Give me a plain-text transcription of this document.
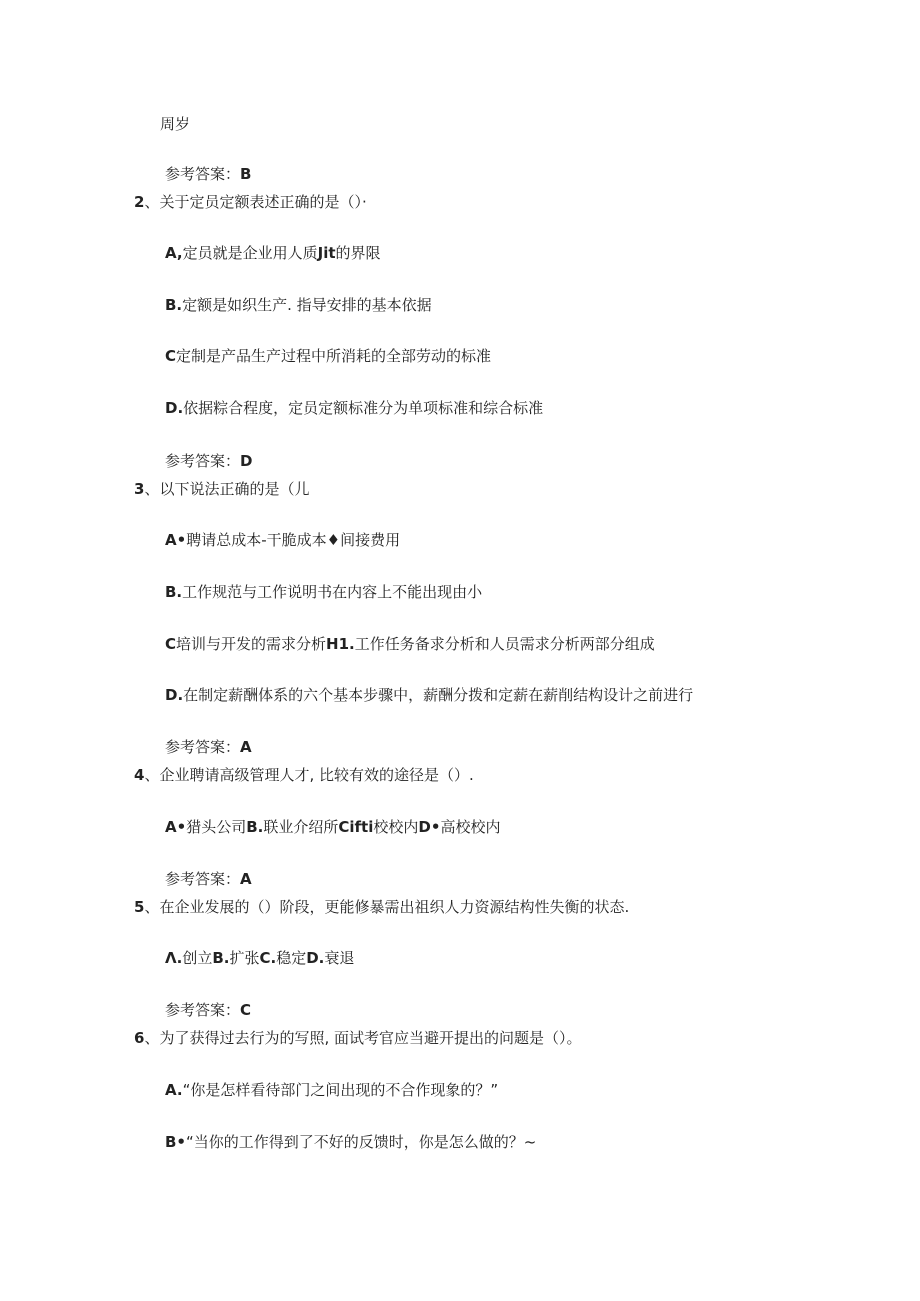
周岁
参考答案：B
2、关于定员定额表述正确的是（）·
A,定员就是企业用人质Jit的界限
B.定额是如织生产. 指导安排的基本依据
C定制是产品生产过程中所消耗的全部劳动的标准
D.依据粽合程度，定员定额标准分为单项标准和综合标准
参考答案：D
3、以下说法正确的是（儿
A•聘请总成本-干脆成本♦间接费用
B.工作规范与工作说明书在内容上不能出现由小
C培训与开发的需求分析H1.工作任务备求分析和人员需求分析两部分组成
D.在制定薪酬体系的六个基本步骤中，薪酬分拨和定薪在薪削结构设计之前进行
参考答案：A
4、企业聘请高级管理人才, 比较有效的途径是（）.
A•猎头公司B.联业介绍所Cifti校校内D•高校校内
参考答案：A
5、在企业发展的（）阶段，更能修暴需出祖织人力资源结构性失衡的状态.
Λ.创立B.扩张C.稳定D.衰退
参考答案：C
6、为了获得过去行为的写照, 面试考官应当避开提出的问题是（）。
A.“你是怎样看待部门之间出现的不合作现象的？”
B•“当你的工作得到了不好的反馈时，你是怎么做的？~
